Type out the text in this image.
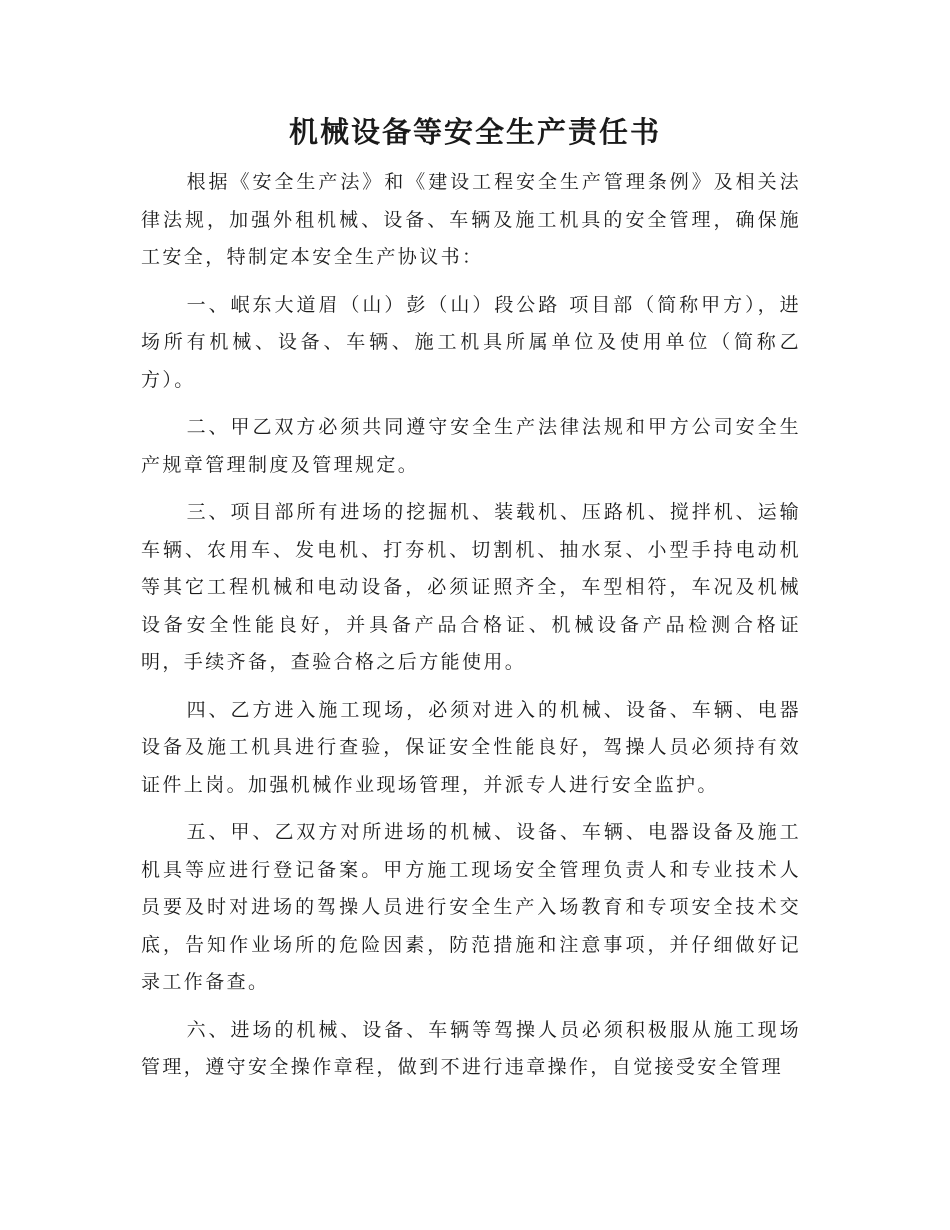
机械设备等安全生产责任书

根据《安全生产法》和《建设工程安全生产管理条例》及相关法律法规，加强外租机械、设备、车辆及施工机具的安全管理，确保施工安全，特制定本安全生产协议书：

一、岷东大道眉（山）彭（山）段公路 项目部（简称甲方），进场所有机械、设备、车辆、施工机具所属单位及使用单位（简称乙方）。

二、甲乙双方必须共同遵守安全生产法律法规和甲方公司安全生产规章管理制度及管理规定。

三、项目部所有进场的挖掘机、装载机、压路机、搅拌机、运输车辆、农用车、发电机、打夯机、切割机、抽水泵、小型手持电动机等其它工程机械和电动设备，必须证照齐全，车型相符，车况及机械设备安全性能良好，并具备产品合格证、机械设备产品检测合格证明，手续齐备，查验合格之后方能使用。

四、乙方进入施工现场，必须对进入的机械、设备、车辆、电器设备及施工机具进行查验，保证安全性能良好，驾操人员必须持有效证件上岗。加强机械作业现场管理，并派专人进行安全监护。

五、甲、乙双方对所进场的机械、设备、车辆、电器设备及施工机具等应进行登记备案。甲方施工现场安全管理负责人和专业技术人员要及时对进场的驾操人员进行安全生产入场教育和专项安全技术交底，告知作业场所的危险因素，防范措施和注意事项，并仔细做好记录工作备查。

六、进场的机械、设备、车辆等驾操人员必须积极服从施工现场管理，遵守安全操作章程，做到不进行违章操作，自觉接受安全管理
